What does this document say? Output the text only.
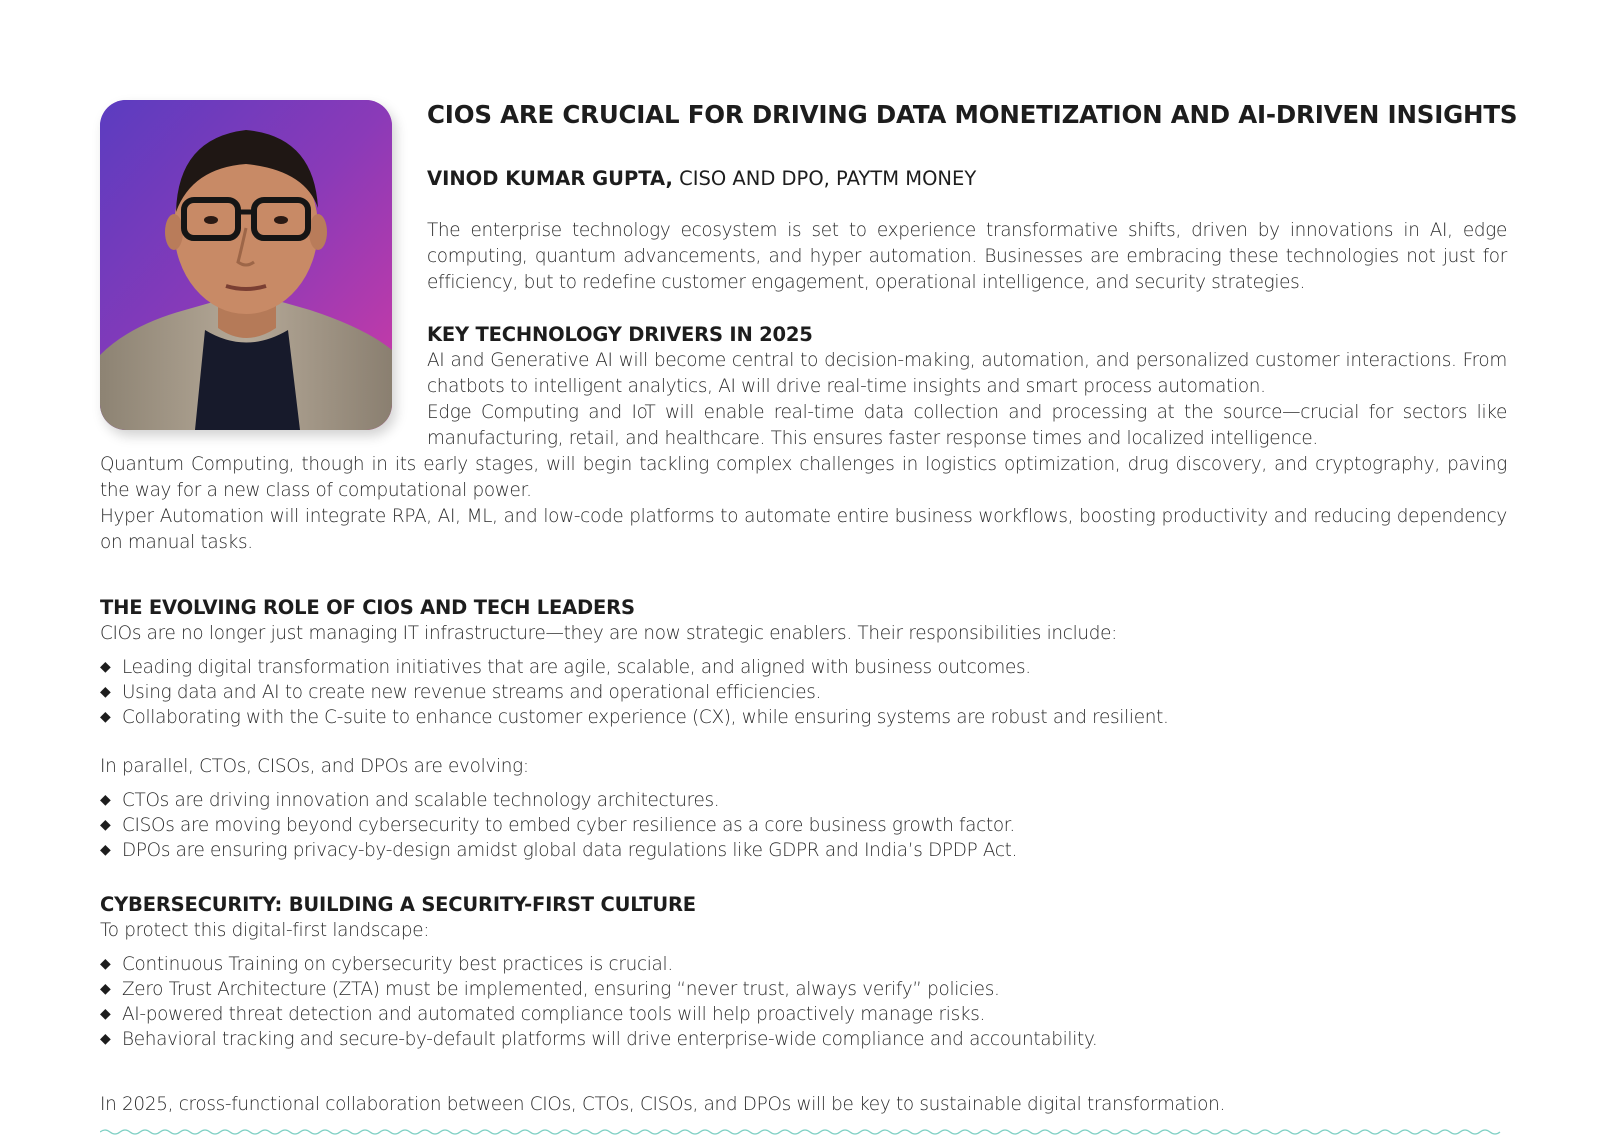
CIOS ARE CRUCIAL FOR DRIVING DATA MONETIZATION AND AI-DRIVEN INSIGHTS
VINOD KUMAR GUPTA, CISO AND DPO, PAYTM MONEY
The enterprise technology ecosystem is set to experience transformative shifts, driven by innovations in AI, edge computing, quantum advancements, and hyper automation. Businesses are embracing these technologies not just for efficiency, but to redefine customer engagement, operational intelligence, and security strategies.
KEY TECHNOLOGY DRIVERS IN 2025

AI and Generative AI will become central to decision-making, automation, and personalized customer interactions. From chatbots to intelligent analytics, AI will drive real-time insights and smart process automation.

Edge Computing and IoT will enable real-time data collection and processing at the source—crucial for sectors like manufacturing, retail, and healthcare. This ensures faster response times and localized intelligence.

Quantum Computing, though in its early stages, will begin tackling complex challenges in logistics optimization, drug discovery, and cryptography, paving the way for a new class of computational power.

Hyper Automation will integrate RPA, AI, ML, and low-code platforms to automate entire business workflows, boosting productivity and reducing dependency on manual tasks.

THE EVOLVING ROLE OF CIOS AND TECH LEADERS

CIOs are no longer just managing IT infrastructure—they are now strategic enablers. Their responsibilities include:

◆ Leading digital transformation initiatives that are agile, scalable, and aligned with business outcomes.
◆ Using data and AI to create new revenue streams and operational efficiencies.
◆ Collaborating with the C-suite to enhance customer experience (CX), while ensuring systems are robust and resilient.

In parallel, CTOs, CISOs, and DPOs are evolving:

◆ CTOs are driving innovation and scalable technology architectures.
◆ CISOs are moving beyond cybersecurity to embed cyber resilience as a core business growth factor.
◆ DPOs are ensuring privacy-by-design amidst global data regulations like GDPR and India’s DPDP Act.
CYBERSECURITY: BUILDING A SECURITY-FIRST CULTURE

To protect this digital-first landscape:

◆ Continuous Training on cybersecurity best practices is crucial.
◆ Zero Trust Architecture (ZTA) must be implemented, ensuring “never trust, always verify” policies.
◆ AI-powered threat detection and automated compliance tools will help proactively manage risks.
◆ Behavioral tracking and secure-by-default platforms will drive enterprise-wide compliance and accountability.
In 2025, cross-functional collaboration between CIOs, CTOs, CISOs, and DPOs will be key to sustainable digital transformation.
